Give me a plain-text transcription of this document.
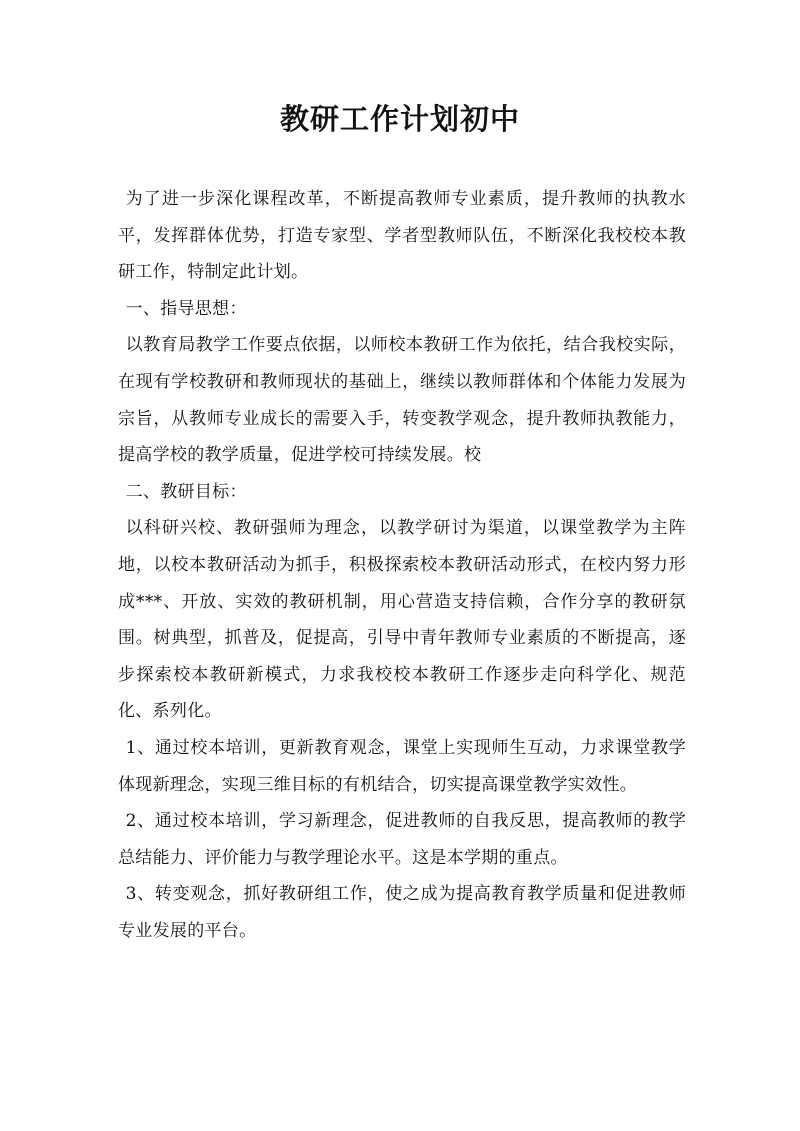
教研工作计划初中

为了进一步深化课程改革，不断提高教师专业素质，提升教师的执教水平，发挥群体优势，打造专家型、学者型教师队伍，不断深化我校校本教研工作，特制定此计划。

一、指导思想：

以教育局教学工作要点依据，以师校本教研工作为依托，结合我校实际，在现有学校教研和教师现状的基础上，继续以教师群体和个体能力发展为宗旨，从教师专业成长的需要入手，转变教学观念，提升教师执教能力，提高学校的教学质量，促进学校可持续发展。校

二、教研目标：

以科研兴校、教研强师为理念，以教学研讨为渠道，以课堂教学为主阵地，以校本教研活动为抓手，积极探索校本教研活动形式，在校内努力形成***、开放、实效的教研机制，用心营造支持信赖，合作分享的教研氛围。树典型，抓普及，促提高，引导中青年教师专业素质的不断提高，逐步探索校本教研新模式，力求我校校本教研工作逐步走向科学化、规范化、系列化。

1、通过校本培训，更新教育观念，课堂上实现师生互动，力求课堂教学体现新理念，实现三维目标的有机结合，切实提高课堂教学实效性。

2、通过校本培训，学习新理念，促进教师的自我反思，提高教师的教学总结能力、评价能力与教学理论水平。这是本学期的重点。

3、转变观念，抓好教研组工作，使之成为提高教育教学质量和促进教师专业发展的平台。
